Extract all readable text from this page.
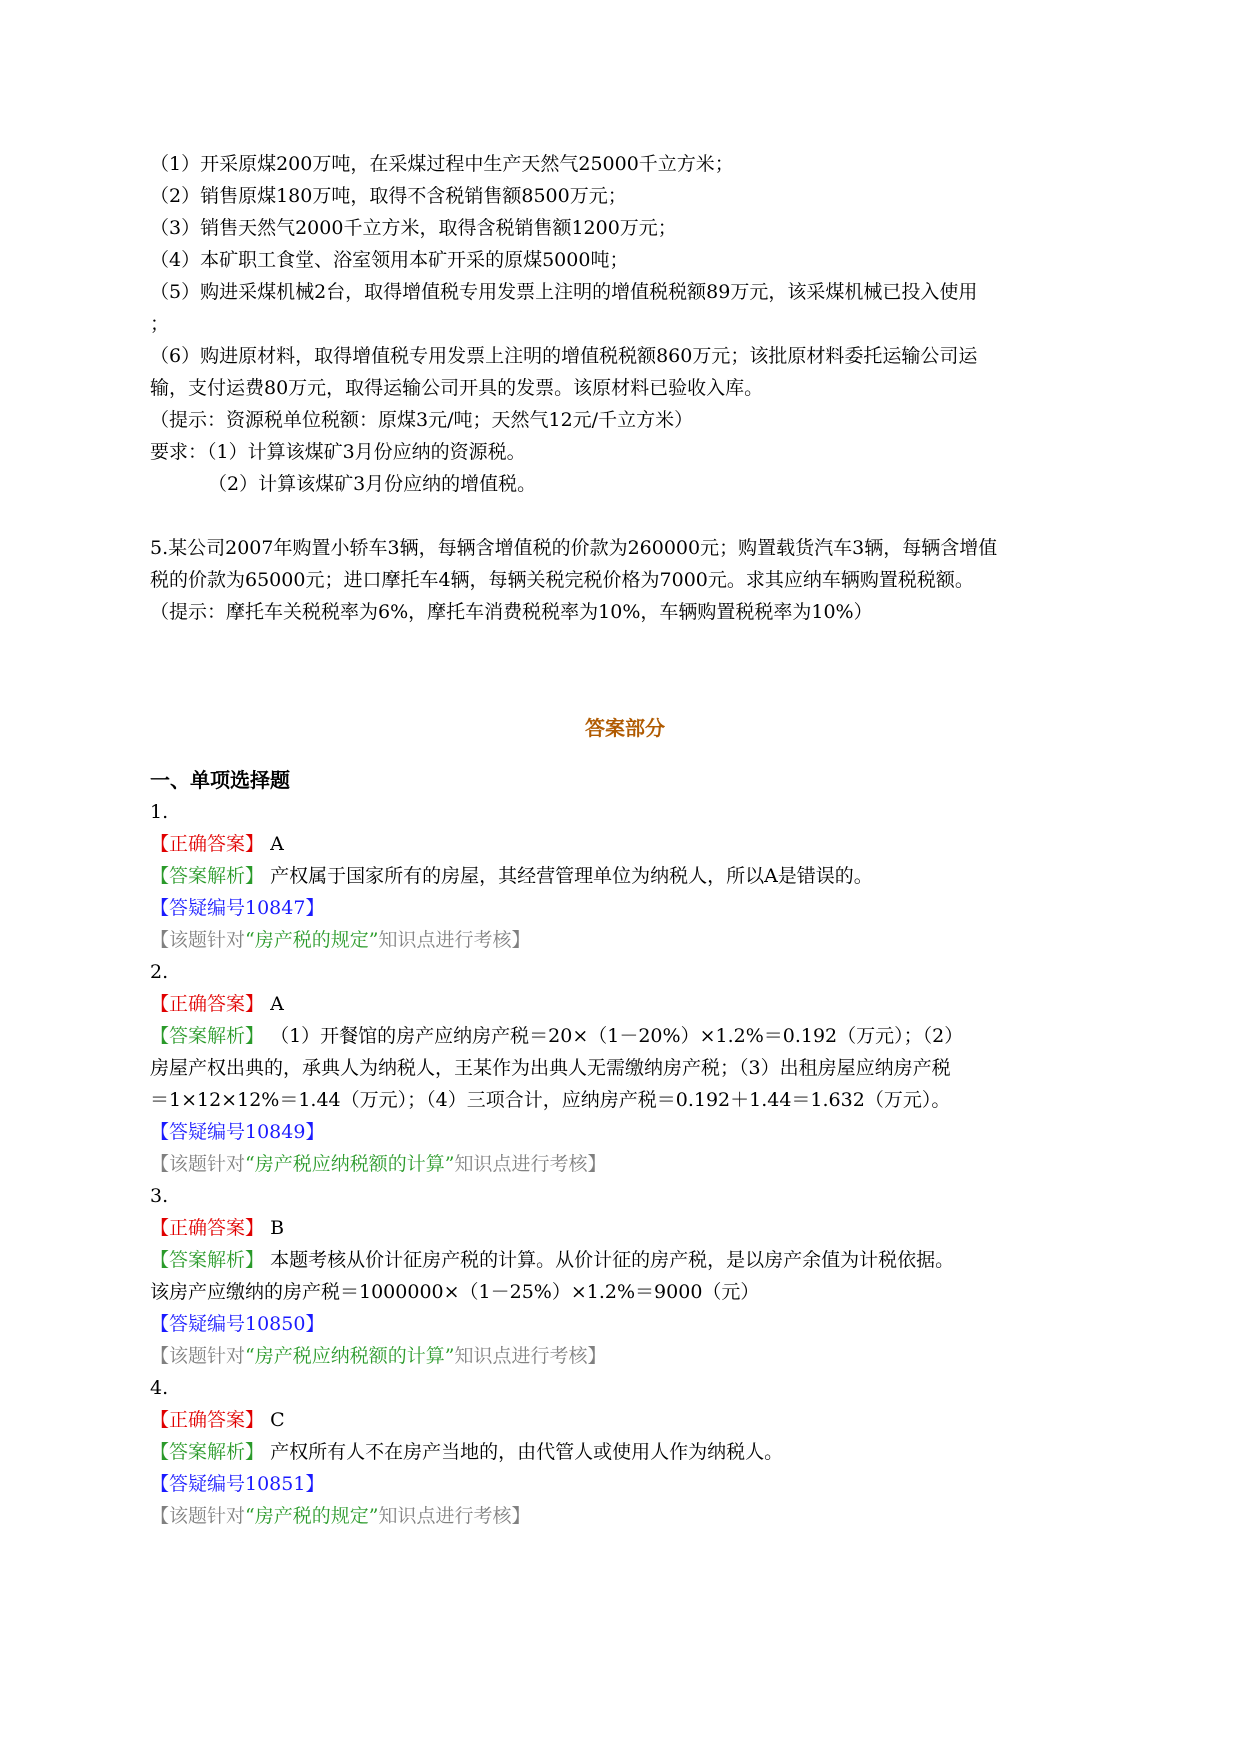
（1）开采原煤200万吨，在采煤过程中生产天然气25000千立方米；
（2）销售原煤180万吨，取得不含税销售额8500万元；
（3）销售天然气2000千立方米，取得含税销售额1200万元；
（4）本矿职工食堂、浴室领用本矿开采的原煤5000吨；
（5）购进采煤机械2台，取得增值税专用发票上注明的增值税税额89万元，该采煤机械已投入使用
；
（6）购进原材料，取得增值税专用发票上注明的增值税税额860万元；该批原材料委托运输公司运
输，支付运费80万元，取得运输公司开具的发票。该原材料已验收入库。
（提示：资源税单位税额：原煤3元/吨；天然气12元/千立方米）
要求：（1）计算该煤矿3月份应纳的资源税。
（2）计算该煤矿3月份应纳的增值税。
5.某公司2007年购置小轿车3辆，每辆含增值税的价款为260000元；购置载货汽车3辆，每辆含增值
税的价款为65000元；进口摩托车4辆，每辆关税完税价格为7000元。求其应纳车辆购置税税额。
（提示：摩托车关税税率为6%，摩托车消费税税率为10%，车辆购置税税率为10%）
答案部分
一、单项选择题
1.
【正确答案】 A
【答案解析】 产权属于国家所有的房屋，其经营管理单位为纳税人，所以A是错误的。
【答疑编号10847】
【该题针对“房产税的规定”知识点进行考核】
2.
【正确答案】 A
【答案解析】 （1）开餐馆的房产应纳房产税＝20×（1－20%）×1.2%＝0.192（万元）；（2）
房屋产权出典的，承典人为纳税人，王某作为出典人无需缴纳房产税；（3）出租房屋应纳房产税
＝1×12×12%＝1.44（万元）；（4）三项合计，应纳房产税＝0.192＋1.44＝1.632（万元）。
【答疑编号10849】
【该题针对“房产税应纳税额的计算”知识点进行考核】
3.
【正确答案】 B
【答案解析】 本题考核从价计征房产税的计算。从价计征的房产税，是以房产余值为计税依据。
该房产应缴纳的房产税＝1000000×（1－25%）×1.2%＝9000（元）
【答疑编号10850】
【该题针对“房产税应纳税额的计算”知识点进行考核】
4.
【正确答案】 C
【答案解析】 产权所有人不在房产当地的，由代管人或使用人作为纳税人。
【答疑编号10851】
【该题针对“房产税的规定”知识点进行考核】
